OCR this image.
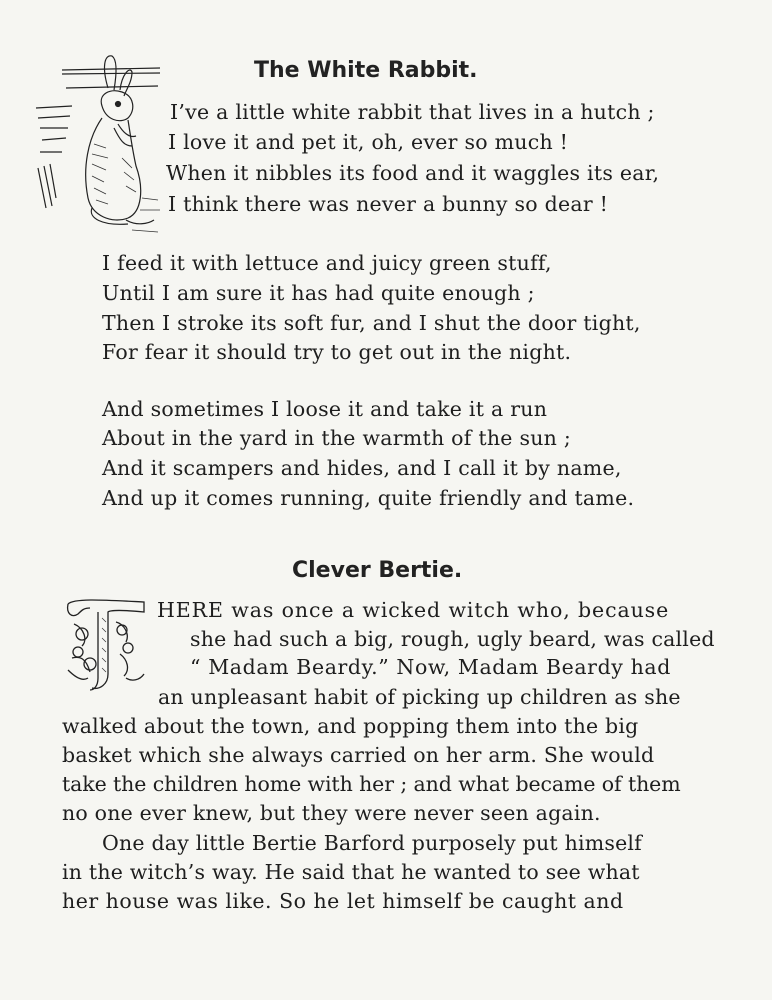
The White Rabbit.

I’ve a little white rabbit that lives in a hutch ;

I love it and pet it, oh, ever so much !

When it nibbles its food and it waggles its ear,

I think there was never a bunny so dear !

I feed it with lettuce and juicy green stuff,

Until I am sure it has had quite enough ;

Then I stroke its soft fur, and I shut the door tight,

For fear it should try to get out in the night.

And sometimes I loose it and take it a run

About in the yard in the warmth of the sun ;

And it scampers and hides, and I call it by name,

And up it comes running, quite friendly and tame.

Clever Bertie.

HERE was once a wicked witch who, because

she had such a big, rough, ugly beard, was called

“ Madam Beardy.” Now, Madam Beardy had

an unpleasant habit of picking up children as she

walked about the town, and popping them into the big

basket which she always carried on her arm. She would

take the children home with her ; and what became of them

no one ever knew, but they were never seen again.

One day little Bertie Barford purposely put himself

in the witch’s way. He said that he wanted to see what

her house was like. So he let himself be caught and
